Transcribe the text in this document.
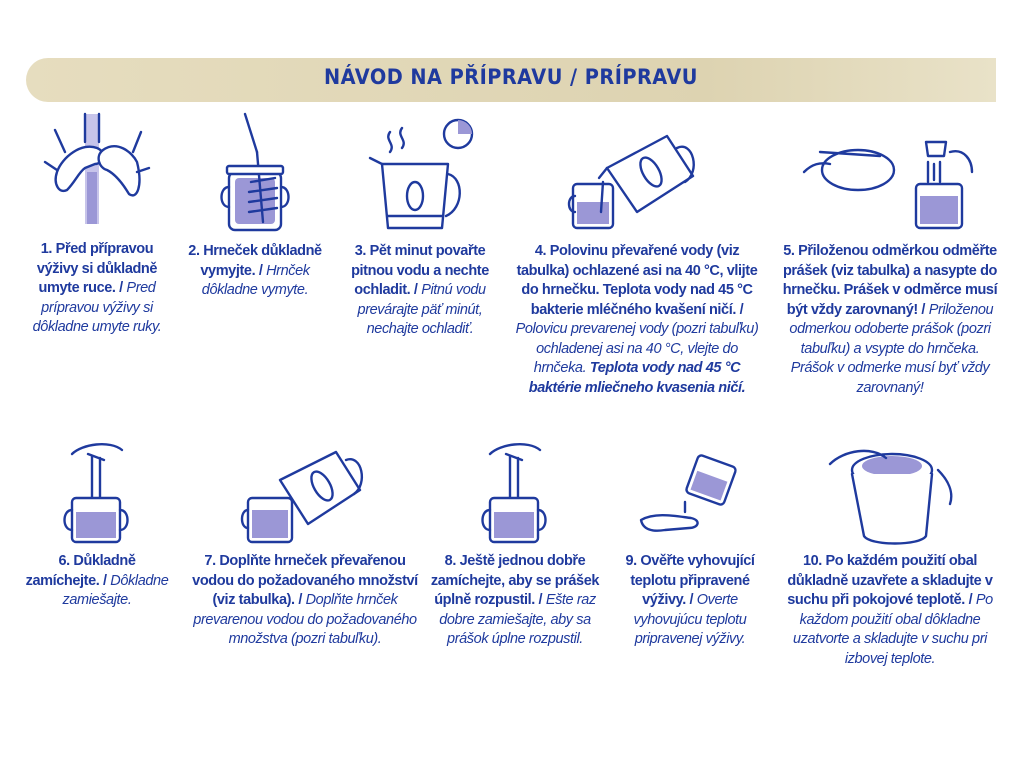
NÁVOD NA PŘÍPRAVU / PRÍPRAVU
1. Před přípravou výživy si důkladně umyte ruce. / Pred prípravou výživy si dôkladne umyte ruky.
2. Hrneček důkladně vymyjte. / Hrnček dôkladne vymyte.
3. Pět minut povařte pitnou vodu a nechte ochladit. / Pitnú vodu prevárajte päť minút, nechajte ochladiť.
4. Polovinu převařené vody (viz tabulka) ochlazené asi na 40 °C, vlijte do hrnečku. Teplota vody nad 45 °C bakterie mléčného kvašení ničí. / Polovicu prevarenej vody (pozri tabuľku) ochladenej asi na 40 °C, vlejte do hrnčeka. Teplota vody nad 45 °C baktérie mliečneho kvasenia ničí.
5. Přiloženou odměrkou odměřte prášek (viz tabulka) a nasypte do hrnečku. Prášek v odměrce musí být vždy zarovnaný! / Priloženou odmerkou odoberte prášok (pozri tabuľku) a vsypte do hrnčeka. Prášok v odmerke musí byť vždy zarovnaný!
6. Důkladně zamíchejte. / Dôkladne zamiešajte.
7. Doplňte hrneček převařenou vodou do požadovaného množství (viz tabulka). / Doplňte hrnček prevarenou vodou do požadovaného množstva (pozri tabuľku).
8. Ještě jednou dobře zamíchejte, aby se prášek úplně rozpustil. / Ešte raz dobre zamiešajte, aby sa prášok úplne rozpustil.
9. Ověřte vyhovující teplotu připravené výživy. / Overte vyhovujúcu teplotu pripravenej výživy.
10. Po každém použití obal důkladně uzavřete a skladujte v suchu při pokojové teplotě. / Po každom použití obal dôkladne uzatvorte a skladujte v suchu pri izbovej teplote.
